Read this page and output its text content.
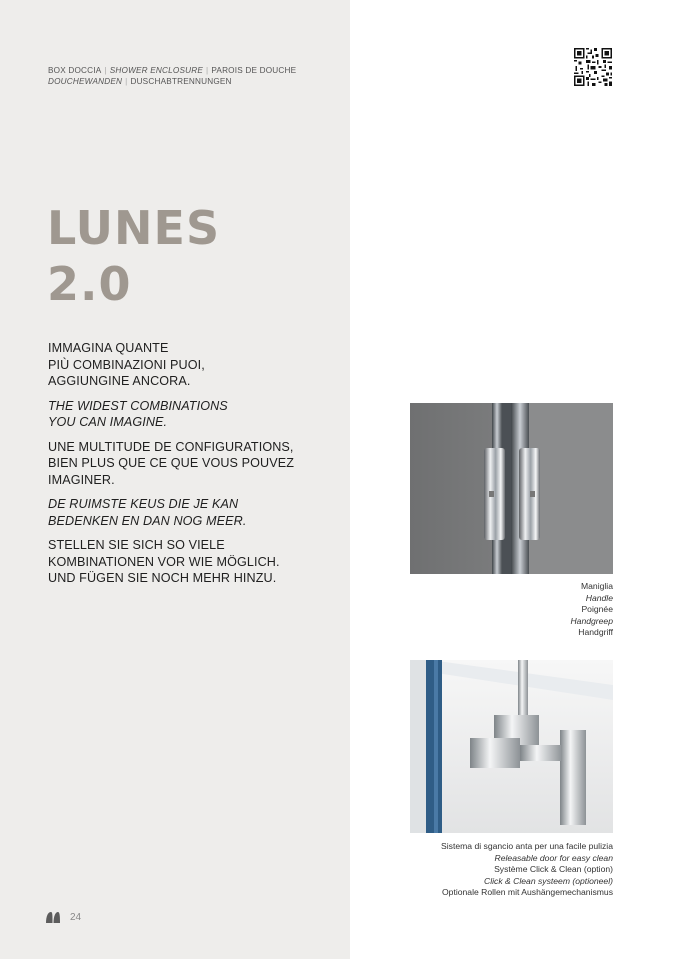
BOX DOCCIA | SHOWER ENCLOSURE | PAROIS DE DOUCHE
DOUCHEWANDEN | DUSCHABTRENNUNGEN
LUNES
2.0

IMMAGINA QUANTE
PIÙ COMBINAZIONI PUOI,
AGGIUNGINE ANCORA.

THE WIDEST COMBINATIONS
YOU CAN IMAGINE.

UNE MULTITUDE DE CONFIGURATIONS,
BIEN PLUS QUE CE QUE VOUS POUVEZ
IMAGINER.

DE RUIMSTE KEUS DIE JE KAN
BEDENKEN EN DAN NOG MEER.

STELLEN SIE SICH SO VIELE
KOMBINATIONEN VOR WIE MÖGLICH.
UND FÜGEN SIE NOCH MEHR HINZU.

Maniglia
Handle
Poignée
Handgreep
Handgriff
Sistema di sgancio anta per una facile pulizia
Releasable door for easy clean
Système Click & Clean (option)
Click & Clean systeem (optioneel)
Optionale Rollen mit Aushängemechanismus
24
